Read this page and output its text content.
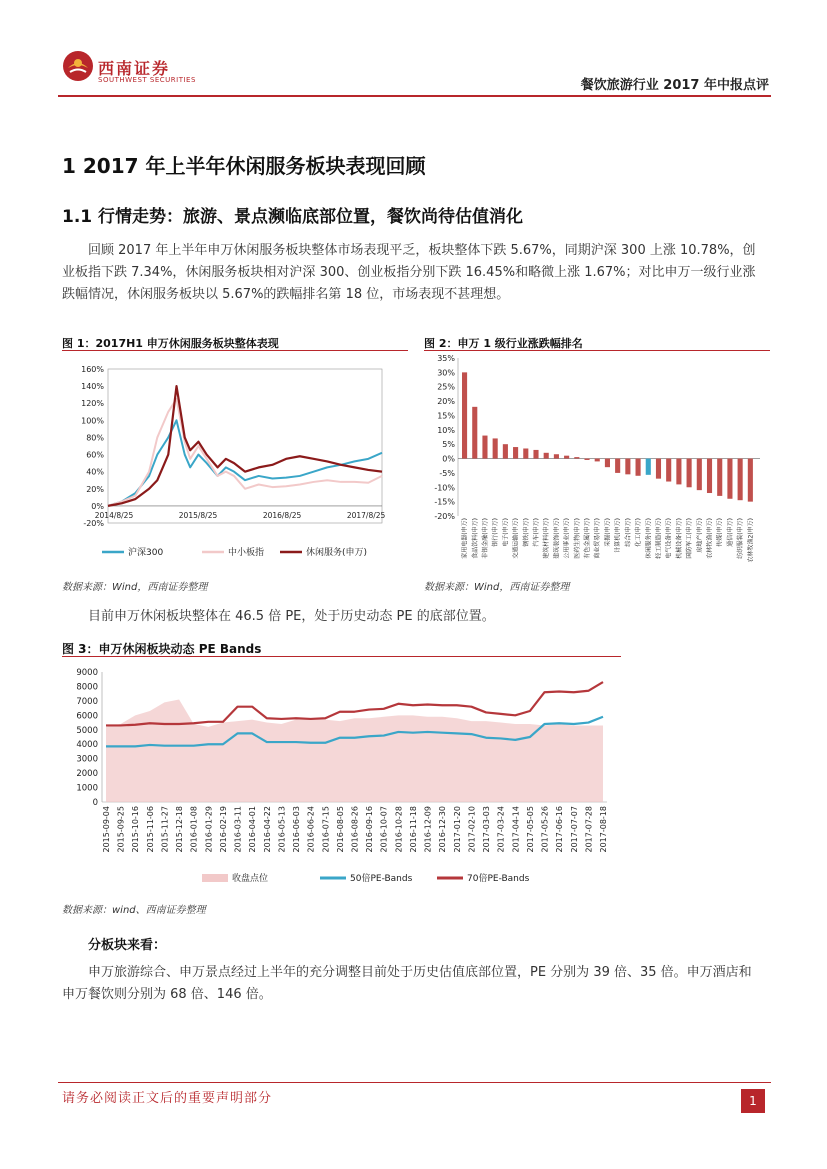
西南证券
SOUTHWEST SECURITIES	餐饮旅游行业 2017 年中报点评
1 2017 年上半年休闲服务板块表现回顾
1.1 行情走势：旅游、景点濒临底部位置，餐饮尚待估值消化
回顾 2017 年上半年申万休闲服务板块整体市场表现平乏，板块整体下跌 5.67%，同期沪深 300 上涨 10.78%，创业板指下跌 7.34%，休闲服务板块相对沪深 300、创业板指分别下跌 16.45%和略微上涨 1.67%；对比申万一级行业涨跌幅情况，休闲服务板块以 5.67%的跌幅排名第 18 位，市场表现不甚理想。
图 1：2017H1 申万休闲服务板块整体表现
-20%
0%
20%
40%
60%
80%
100%
120%
140%
160%
2014/8/25	2015/8/25	2016/8/25	2017/8/25
沪深300	中小板指	休闲服务(申万)
数据来源：Wind，西南证券整理
图 2：申万 1 级行业涨跌幅排名
-20%
-15%
-10%
-5%
0%
5%
10%
15%
20%
25%
30%
35%
家用电器(申万) 食品饮料(申万) 非银金融(申万) 银行(申万) 电子(申万) 交通运输(申万) 钢铁(申万) 汽车(申万) 建筑材料(申万) 建筑装饰(申万) 公用事业(申万) 医药生物(申万) 有色金属(申万) 商业贸易(申万) 采掘(申万) 计算机(申万) 综合(申万) 化工(申万) 休闲服务(申万) 轻工制造(申万) 电气设备(申万) 机械设备(申万) 国防军工(申万) 房地产(申万) 农林牧渔(申万) 传媒(申万) 通信(申万) 纺织服装(申万) 农林牧渔2(申万)
数据来源：Wind，西南证券整理
目前申万休闲板块整体在 46.5 倍 PE，处于历史动态 PE 的底部位置。
图 3：申万休闲板块动态 PE Bands
0
1000
2000
3000
4000
5000
6000
7000
8000
9000
2015-09-04 2015-09-25 2015-10-16 2015-11-06 2015-11-27 2015-12-18 2016-01-08 2016-01-29 2016-02-19 2016-03-11 2016-04-01 2016-04-22 2016-05-13 2016-06-03 2016-06-24 2016-07-15 2016-08-05 2016-08-26 2016-09-16 2016-10-07 2016-10-28 2016-11-18 2016-12-09 2016-12-30 2017-01-20 2017-02-10 2017-03-03 2017-03-24 2017-04-14 2017-05-05 2017-05-26 2017-06-16 2017-07-07 2017-07-28 2017-08-18
收盘点位	50倍PE-Bands	70倍PE-Bands
数据来源：wind、西南证券整理
分板块来看：
申万旅游综合、申万景点经过上半年的充分调整目前处于历史估值底部位置，PE 分别为 39 倍、35 倍。申万酒店和申万餐饮则分别为 68 倍、146 倍。
请务必阅读正文后的重要声明部分	1
